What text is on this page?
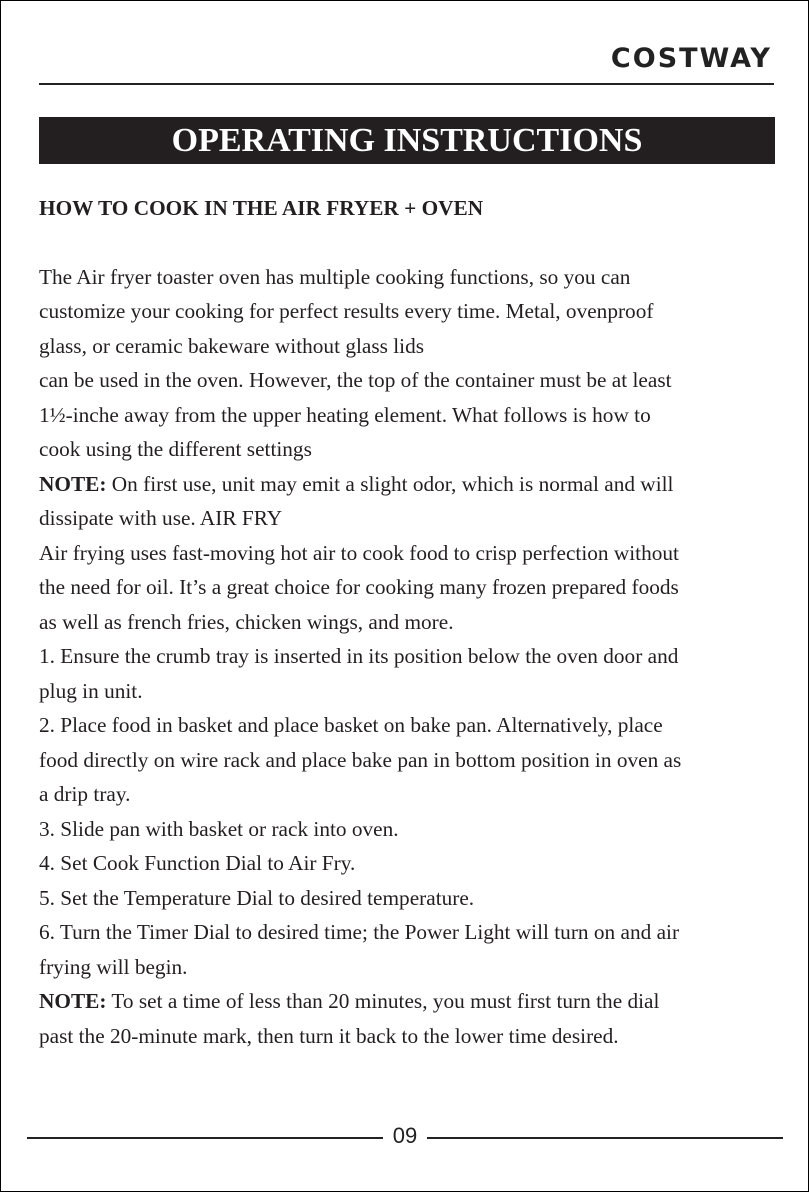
COSTWAY
OPERATING INSTRUCTIONS

HOW TO COOK IN THE AIR FRYER + OVEN

The Air fryer toaster oven has multiple cooking functions, so you can

customize your cooking for perfect results every time. Metal, ovenproof

glass, or ceramic bakeware without glass lids

can be used in the oven. However, the top of the container must be at least

1½-inche away from the upper heating element. What follows is how to

cook using the different settings

NOTE: On first use, unit may emit a slight odor, which is normal and will

dissipate with use. AIR FRY

Air frying uses fast-moving hot air to cook food to crisp perfection without

the need for oil. It’s a great choice for cooking many frozen prepared foods

as well as french fries, chicken wings, and more.

1. Ensure the crumb tray is inserted in its position below the oven door and

plug in unit.

2. Place food in basket and place basket on bake pan. Alternatively, place

food directly on wire rack and place bake pan in bottom position in oven as

a drip tray.

3. Slide pan with basket or rack into oven.

4. Set Cook Function Dial to Air Fry.

5. Set the Temperature Dial to desired temperature.

6. Turn the Timer Dial to desired time; the Power Light will turn on and air

frying will begin.

NOTE: To set a time of less than 20 minutes, you must first turn the dial

past the 20-minute mark, then turn it back to the lower time desired.

09
